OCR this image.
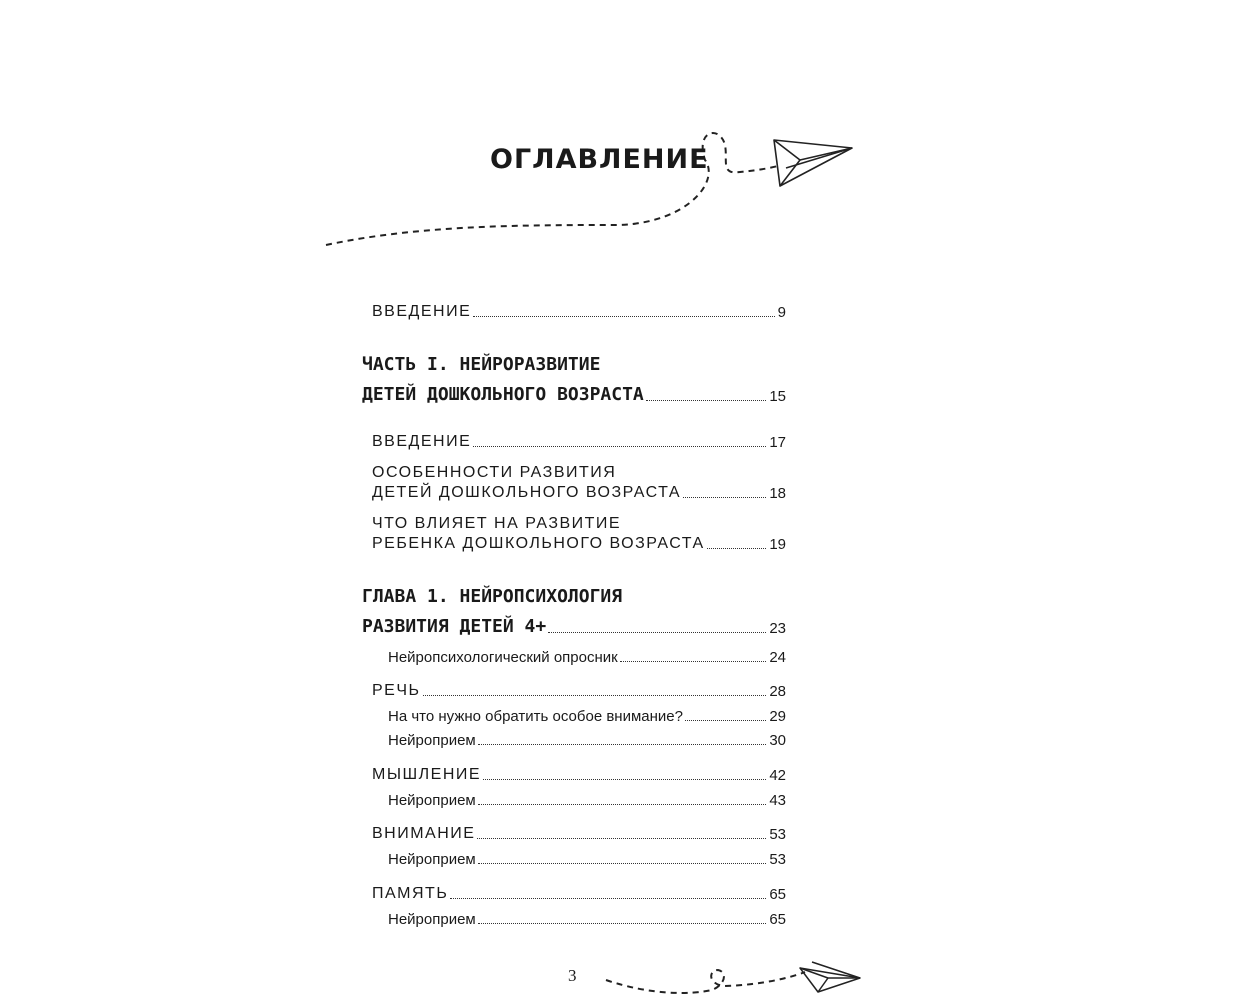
ОГЛАВЛЕНИЕ
ВВЕДЕНИЕ	9
ЧАСТЬ I. НЕЙРОРАЗВИТИЕ
ДЕТЕЙ ДОШКОЛЬНОГО ВОЗРАСТА	15
ВВЕДЕНИЕ	17
ОСОБЕННОСТИ РАЗВИТИЯ
ДЕТЕЙ ДОШКОЛЬНОГО ВОЗРАСТА	18
ЧТО ВЛИЯЕТ НА РАЗВИТИЕ
РЕБЕНКА ДОШКОЛЬНОГО ВОЗРАСТА	19
ГЛАВА 1. НЕЙРОПСИХОЛОГИЯ
РАЗВИТИЯ ДЕТЕЙ 4+	23
Нейропсихологический опросник	24
РЕЧЬ	28
На что нужно обратить особое внимание?	29
Нейроприем	30
МЫШЛЕНИЕ	42
Нейроприем	43
ВНИМАНИЕ	53
Нейроприем	53
ПАМЯТЬ	65
Нейроприем	65
3
